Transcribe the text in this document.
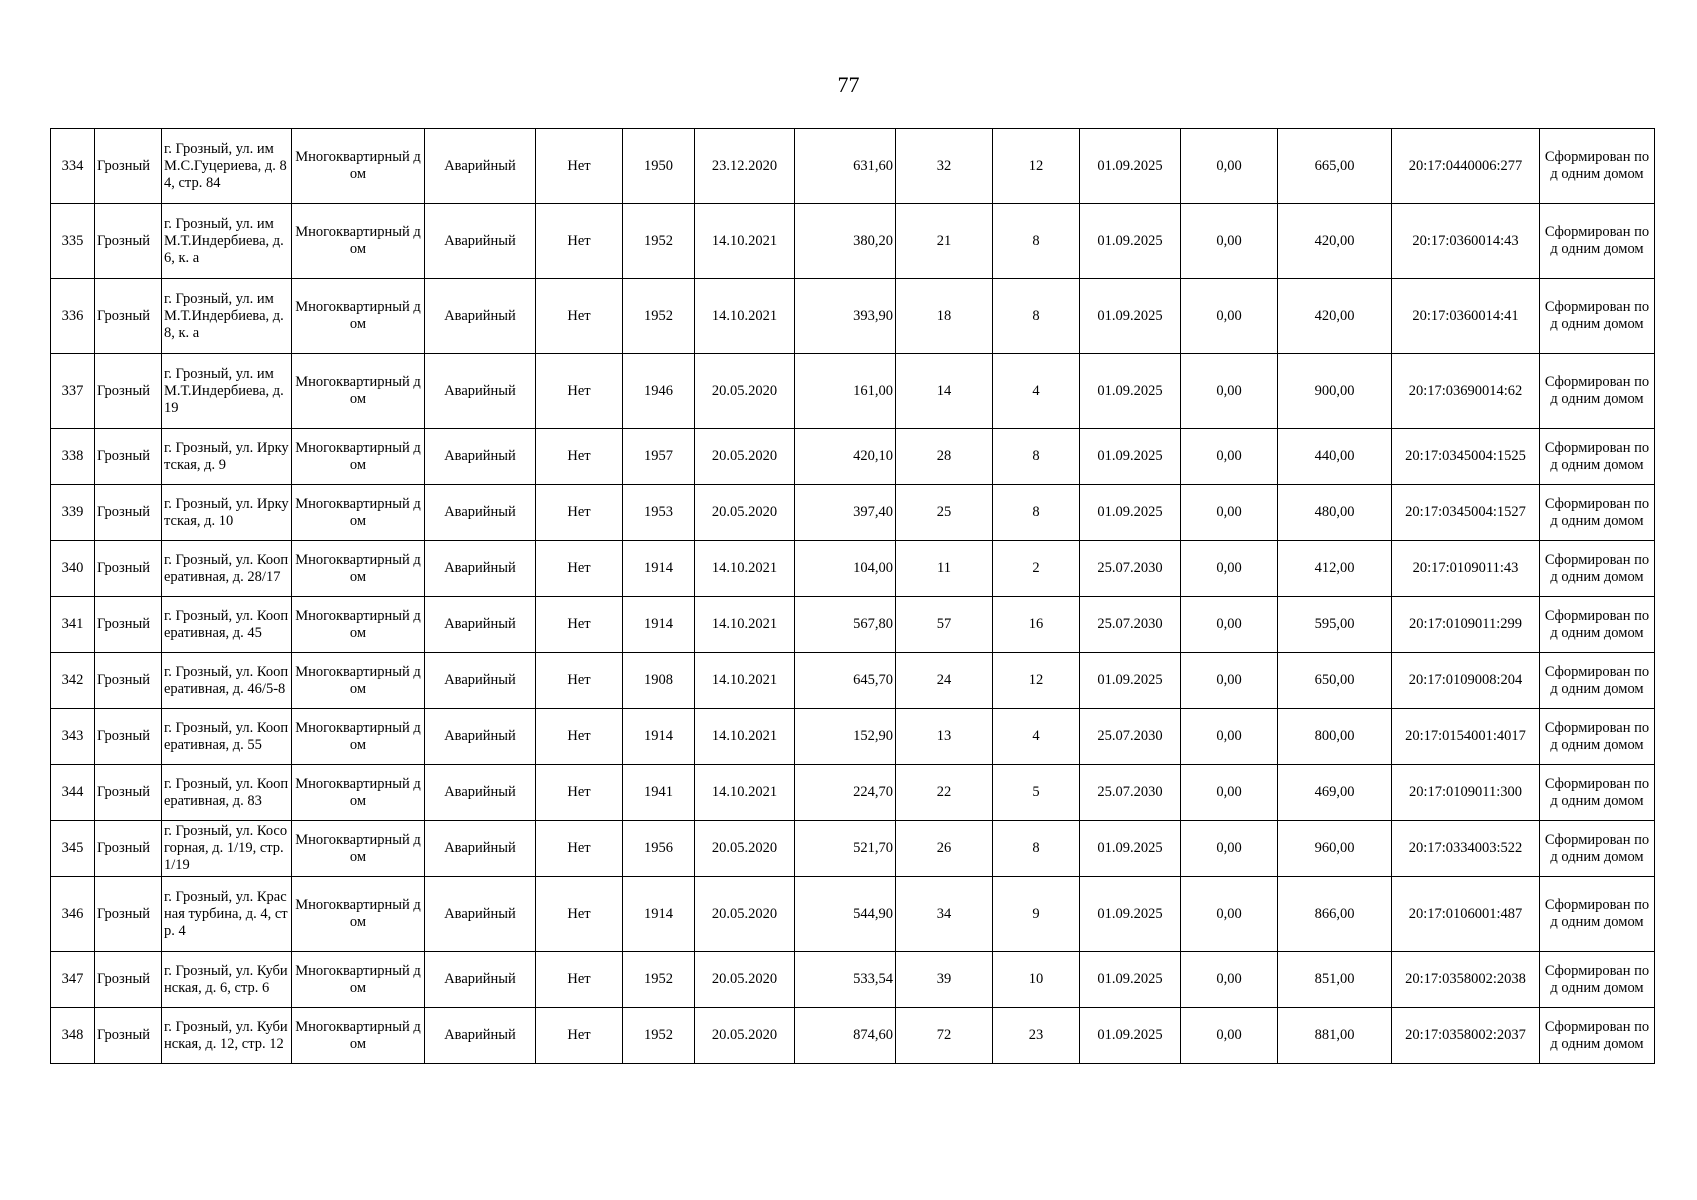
77
334	Грозный	г. Грозный, ул. им М.С.Гуцериева, д. 84, стр. 84	Многоквартирный дом	Аварийный	Нет	1950	23.12.2020	631,60	32	12	01.09.2025	0,00	665,00	20:17:0440006:277	Сформирован под одним домом
335	Грозный	г. Грозный, ул. им М.Т.Индербиева, д. 6, к. а	Многоквартирный дом	Аварийный	Нет	1952	14.10.2021	380,20	21	8	01.09.2025	0,00	420,00	20:17:0360014:43	Сформирован под одним домом
336	Грозный	г. Грозный, ул. им М.Т.Индербиева, д. 8, к. а	Многоквартирный дом	Аварийный	Нет	1952	14.10.2021	393,90	18	8	01.09.2025	0,00	420,00	20:17:0360014:41	Сформирован под одним домом
337	Грозный	г. Грозный, ул. им М.Т.Индербиева, д. 19	Многоквартирный дом	Аварийный	Нет	1946	20.05.2020	161,00	14	4	01.09.2025	0,00	900,00	20:17:03690014:62	Сформирован под одним домом
338	Грозный	г. Грозный, ул. Иркутская, д. 9	Многоквартирный дом	Аварийный	Нет	1957	20.05.2020	420,10	28	8	01.09.2025	0,00	440,00	20:17:0345004:1525	Сформирован под одним домом
339	Грозный	г. Грозный, ул. Иркутская, д. 10	Многоквартирный дом	Аварийный	Нет	1953	20.05.2020	397,40	25	8	01.09.2025	0,00	480,00	20:17:0345004:1527	Сформирован под одним домом
340	Грозный	г. Грозный, ул. Кооперативная, д. 28/17	Многоквартирный дом	Аварийный	Нет	1914	14.10.2021	104,00	11	2	25.07.2030	0,00	412,00	20:17:0109011:43	Сформирован под одним домом
341	Грозный	г. Грозный, ул. Кооперативная, д. 45	Многоквартирный дом	Аварийный	Нет	1914	14.10.2021	567,80	57	16	25.07.2030	0,00	595,00	20:17:0109011:299	Сформирован под одним домом
342	Грозный	г. Грозный, ул. Кооперативная, д. 46/5-8	Многоквартирный дом	Аварийный	Нет	1908	14.10.2021	645,70	24	12	01.09.2025	0,00	650,00	20:17:0109008:204	Сформирован под одним домом
343	Грозный	г. Грозный, ул. Кооперативная, д. 55	Многоквартирный дом	Аварийный	Нет	1914	14.10.2021	152,90	13	4	25.07.2030	0,00	800,00	20:17:0154001:4017	Сформирован под одним домом
344	Грозный	г. Грозный, ул. Кооперативная, д. 83	Многоквартирный дом	Аварийный	Нет	1941	14.10.2021	224,70	22	5	25.07.2030	0,00	469,00	20:17:0109011:300	Сформирован под одним домом
345	Грозный	г. Грозный, ул. Косогорная, д. 1/19, стр. 1/19	Многоквартирный дом	Аварийный	Нет	1956	20.05.2020	521,70	26	8	01.09.2025	0,00	960,00	20:17:0334003:522	Сформирован под одним домом
346	Грозный	г. Грозный, ул. Красная турбина, д. 4, стр. 4	Многоквартирный дом	Аварийный	Нет	1914	20.05.2020	544,90	34	9	01.09.2025	0,00	866,00	20:17:0106001:487	Сформирован под одним домом
347	Грозный	г. Грозный, ул. Кубинская, д. 6, стр. 6	Многоквартирный дом	Аварийный	Нет	1952	20.05.2020	533,54	39	10	01.09.2025	0,00	851,00	20:17:0358002:2038	Сформирован под одним домом
348	Грозный	г. Грозный, ул. Кубинская, д. 12, стр. 12	Многоквартирный дом	Аварийный	Нет	1952	20.05.2020	874,60	72	23	01.09.2025	0,00	881,00	20:17:0358002:2037	Сформирован под одним домом
